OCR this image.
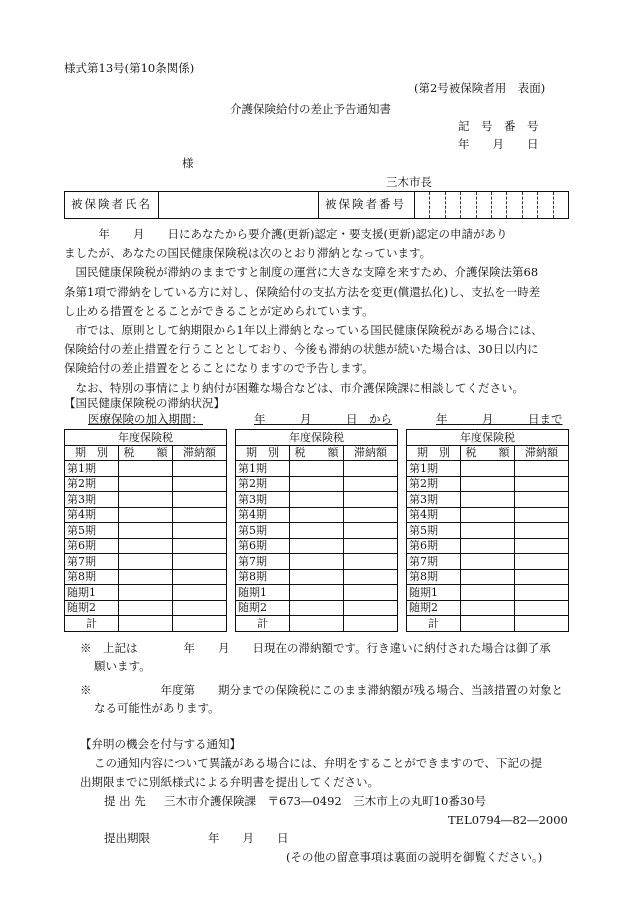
様式第13号(第10条関係)
(第2号被保険者用　表面)
介護保険給付の差止予告通知書
記　号　番　号
年　　月　　日
様
三木市長
被保険者氏名	被保険者番号

　　　年　　月　　日にあなたから要介護(更新)認定・要支援(更新)認定の申請があり

ましたが、あなたの国民健康保険税は次のとおり滞納となっています。

　国民健康保険税が滞納のままですと制度の運営に大きな支障を来すため、介護保険法第68

条第1項で滞納をしている方に対し、保険給付の支払方法を変更(償還払化)し、支払を一時差

し止める措置をとることができることが定められています。

　市では、原則として納期限から1年以上滞納となっている国民健康保険税がある場合には、

保険給付の差止措置を行うこととしており、今後も滞納の状態が続いた場合は、30日以内に

保険給付の差止措置をとることになりますので予告します。

　なお、特別の事情により納付が困難な場合などは、市介護保険課に相談してください。

【国民健康保険税の滞納状況】
医療保険の加入期間：	年　　　月　　　日　から	年　　　月　　　日まで
年度保険税		
期　別	税　　額	滞納額
第1期		
第2期		
第3期		
第4期		
第5期		
第6期		
第7期		
第8期		
随期1		
随期2		
計		
年度保険税		
期　別	税　　額	滞納額
第1期		
第2期		
第3期		
第4期		
第5期		
第6期		
第7期		
第8期		
随期1		
随期2		
計		
年度保険税		
期　別	税　　額	滞納額
第1期		
第2期		
第3期		
第4期		
第5期		
第6期		
第7期		
第8期		
随期1		
随期2		
計		
※　上記は　　　　年　　月　　日現在の滞納額です。行き違いに納付された場合は御了承
願います。
※　　　　　　年度第　　期分までの保険税にこのまま滞納額が残る場合、当該措置の対象と
なる可能性があります。
【弁明の機会を付与する通知】
この通知内容について異議がある場合には、弁明をすることができますので、下記の提
出期限までに別紙様式による弁明書を提出してください。
提 出 先 三木市介護保険課　〒673―0492　三木市上の丸町10番30号
TEL0794―82―2000
提出期限	年　　月　　日
(その他の留意事項は裏面の説明を御覧ください。)
